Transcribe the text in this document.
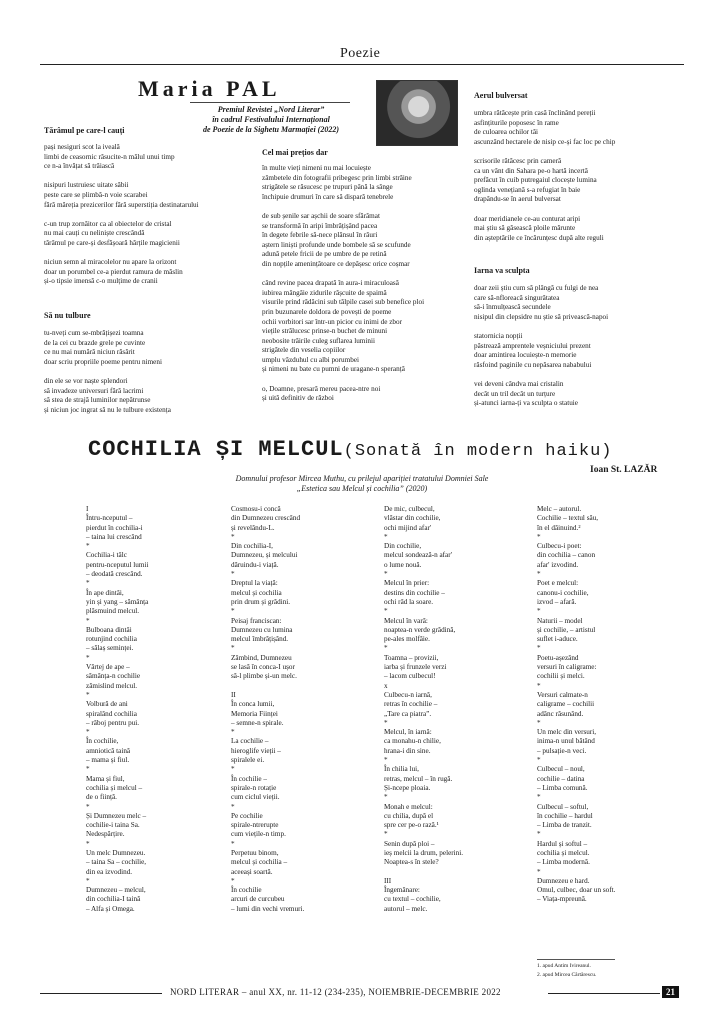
Poezie
Maria PAL
Premiul Revistei „Nord Literar”
în cadrul Festivalului Internațional
de Poezie de la Sighetu Marmației (2022)
Tărâmul pe care-l cauți
pași nesiguri scot la iveală
limbi de ceasornic răsucite-n mâlul unui timp
ce n-a învățat să trăiască

nisipuri lustruiesc uitate săbii
peste care se plimbă-n voie scarabei
fără măreția prezicerilor fără superstiția destinatarului

c-un trup zornăitor ca al obiectelor de cristal
nu mai cauți cu neliniște crescândă
tărâmul pe care-și desfășoară hărțile magicienii

niciun semn al miracolelor nu apare la orizont
doar un porumbel ce-a pierdut ramura de măslin
și-o tipsie imensă c-o mulțime de cranii
Să nu tulbure
tu-nveți cum se-mbrățișezi toamna
de la cei cu brazde grele pe cuvinte
ce nu mai numără niciun răsărit
doar scriu propriile poeme pentru nimeni

din ele se vor naște splendori
să invadeze universuri fără lacrimi
să stea de strajă luminilor nepătrunse
și niciun joc ingrat să nu le tulbure existența
Cel mai prețios dar
în multe vieți nimeni nu mai locuiește
zâmbetele din fotografii pribegesc prin limbi străine
strigătele se răsucesc pe trupuri până la sânge
închipuie drumuri în care să dispară tenebrele

de sub șenile sar așchii de soare sfărâmat
se transformă în aripi îmbrățișând pacea
în degete febrile să-nece plânsul în râuri
aștern liniști profunde unde bombele să se scufunde
adună petele fricii de pe umbre de pe retină
din nopțile amenințătoare ce depășesc orice coșmar

când revine pacea drapată în aura-i miraculoasă
iubirea mângâie zidurile rășcuite de spaimă
visurile prind rădăcini sub tălpile casei sub benefice ploi
prin buzunarele doldora de povești de poeme
ochii vorbitori sar într-un picior cu inimi de zbor
viețile strălucesc prinse-n buchet de minuni
neobosite trăirile culeg suflarea luminii
strigătele din veselia copiilor
umplu văzduhul cu albi porumbei
și nimeni nu bate cu pumni de uragane-n speranță

o, Doamne, presară mereu pacea-ntre noi
și uită definitiv de război
Aerul bulversat
umbra rătăcește prin casă înclinând pereții
asfințiturile poposesc în rame
de culoarea ochilor tăi
ascunzând hectarele de nisip ce-și fac loc pe chip

scrisorile rătăcesc prin cameră
ca un vânt din Sahara pe-o hartă incertă
prefăcut în cuib putregaiul clocește lumina
oglinda venețiană s-a refugiat în baie
drapându-se în aerul bulversat

doar meridianele ce-au conturat aripi
mai știu să găsească ploile mărunte
din așteptările ce încărunțesc după alte reguli
Iarna va sculpta
doar zeii știu cum să plângă cu fulgi de nea
care să-nfloreacă singurătatea
să-i înmulțească secundele
nisipul din clepsidre nu știe să privească-napoi

statornicia nopții
păstrează amprentele veșniciului prezent
doar amintirea locuiește-n memorie
răsfoind paginile cu nepăsarea nababului

vei deveni cândva mai cristalin
decât un tril decât un turțure
și-atunci iarna-ți va sculpta o statuie
COCHILIA ȘI MELCUL(Sonată în modern haiku)
Ioan St. LAZĂR
Domnului profesor Mircea Muthu, cu prilejul apariției tratatului Domniei Sale
„Estetica sau Melcul și cochilia” (2020)
I
Întru-nceputul –
pierdut în cochilia-i
– taina lui crescând
*
Cochilia-i tâlc
pentru-nceputul lumii
– deodată crescând.
*
În ape dintâi,
yin și yang – sămânța
plăsmuind melcul.
*
Bulboana dintâi
rotunjind cochilia
– sălaș seminței.
*
Vârtej de ape –
sămânța-n cochilie
zămislind melcul.
*
Volbură de ani
spiralând cochilia
– râboj pentru pui.
*
În cochilie,
amniotică taină
– mama și fiul.
*
Mama și fiul,
cochilia și melcul –
de o ființă.
*
Și Dumnezeu melc –
cochilie-i taina Sa.
Nedespărțire.
*
Un melc Dumnezeu.
– taina Sa – cochilie,
din ea izvodind.
*
Dumnezeu – melcul,
din cochilia-I taină
– Alfa și Omega.
Cosmosu-i concă
din Dumnezeu crescând
și revelându-L.
*
Din cochilia-I,
Dumnezeu, și melcului
dăruindu-i viață.
*
Dreptul la viață:
melcul și cochilia
prin drum și grădini.
*
Peisaj franciscan:
Dumnezeu cu lumina
melcul îmbrățișând.
*
Zâmbind, Dumnezeu
se lasă în conca-I ușor
să-l plimbe și-un melc.

II
În conca lumii,
Memoria Ființei
– semne-n spirale.
*
La cochilie –
hieroglife vieții –
spiralele ei.
*
În cochilie –
spirale-n rotație
cum ciclul vieții.
*
Pe cochilie
spirale-ntrerupte
cum viețile-n timp.
*
Perpetuu binom,
melcul și cochilia –
aceeași soartă.
*
În cochilie
arcuri de curcubeu
– lumi din vechi vremuri.
De mic, culbecul,
vlăstar din cochilie,
ochi mijind afar'
*
Din cochilie,
melcul sondează-n afar'
o lume nouă.
*
Melcul în prier:
destins din cochilie –
ochi râd la soare.
*
Melcul în vară:
noaptea-n verde grădină,
pe-ales molfăie.
*
Toamna – provizii,
iarba și frunzele verzi
– lacom culbecul!
x
Culbecu-n iarnă,
retras în cochilie –
„Tare ca piatra”.
*
Melcul, în iarnă:
ca monahu-n chilie,
hrana-i din sine.
*
În chilia lui,
retras, melcul – în rugă.
Și-ncepe ploaia.
*
Monah e melcul:
cu chilia, după el
spre cer pe-o rază.¹
*
Senin după ploi –
ieș melcii la drum, pelerini.
Noaptea-s în stele?

III
Îngemânare:
cu textul – cochilie,
autorul – melc.
Melc – autorul.
Cochilie – textul său,
în el dăinuind.²
*
Culbecu-i poet:
din cochilia – canon
afar' izvodind.
*
Poet e melcul:
canonu-i cochilie,
izvod – afară.
*
Naturii – model
și cochilie, – artistul
suflet i-aduce.
*
Poetu-așezând
versuri în caligrame:
cochilii și melci.
*
Versuri calmate-n
caligrame – cochilii
adânc răsunând.
*
Un melc din versuri,
inima-n unul bătând
– pulsație-n veci.
*
Culbecul – noul,
cochilie – datina
– Limba comună.
*
Culbecul – softul,
în cochilie – hardul
– Limba de tranzit.
*
Hardul și softul –
cochilia și melcul.
– Limba modernă.
*
Dumnezeu e hard.
Omul, culbec, doar un soft.
– Viața-mpreună.
1. apud Antim Ivireanul.
2. apud Mircea Cărtărescu.
NORD LITERAR – anul XX, nr. 11-12 (234-235), NOIEMBRIE-DECEMBRIE 2022	21
